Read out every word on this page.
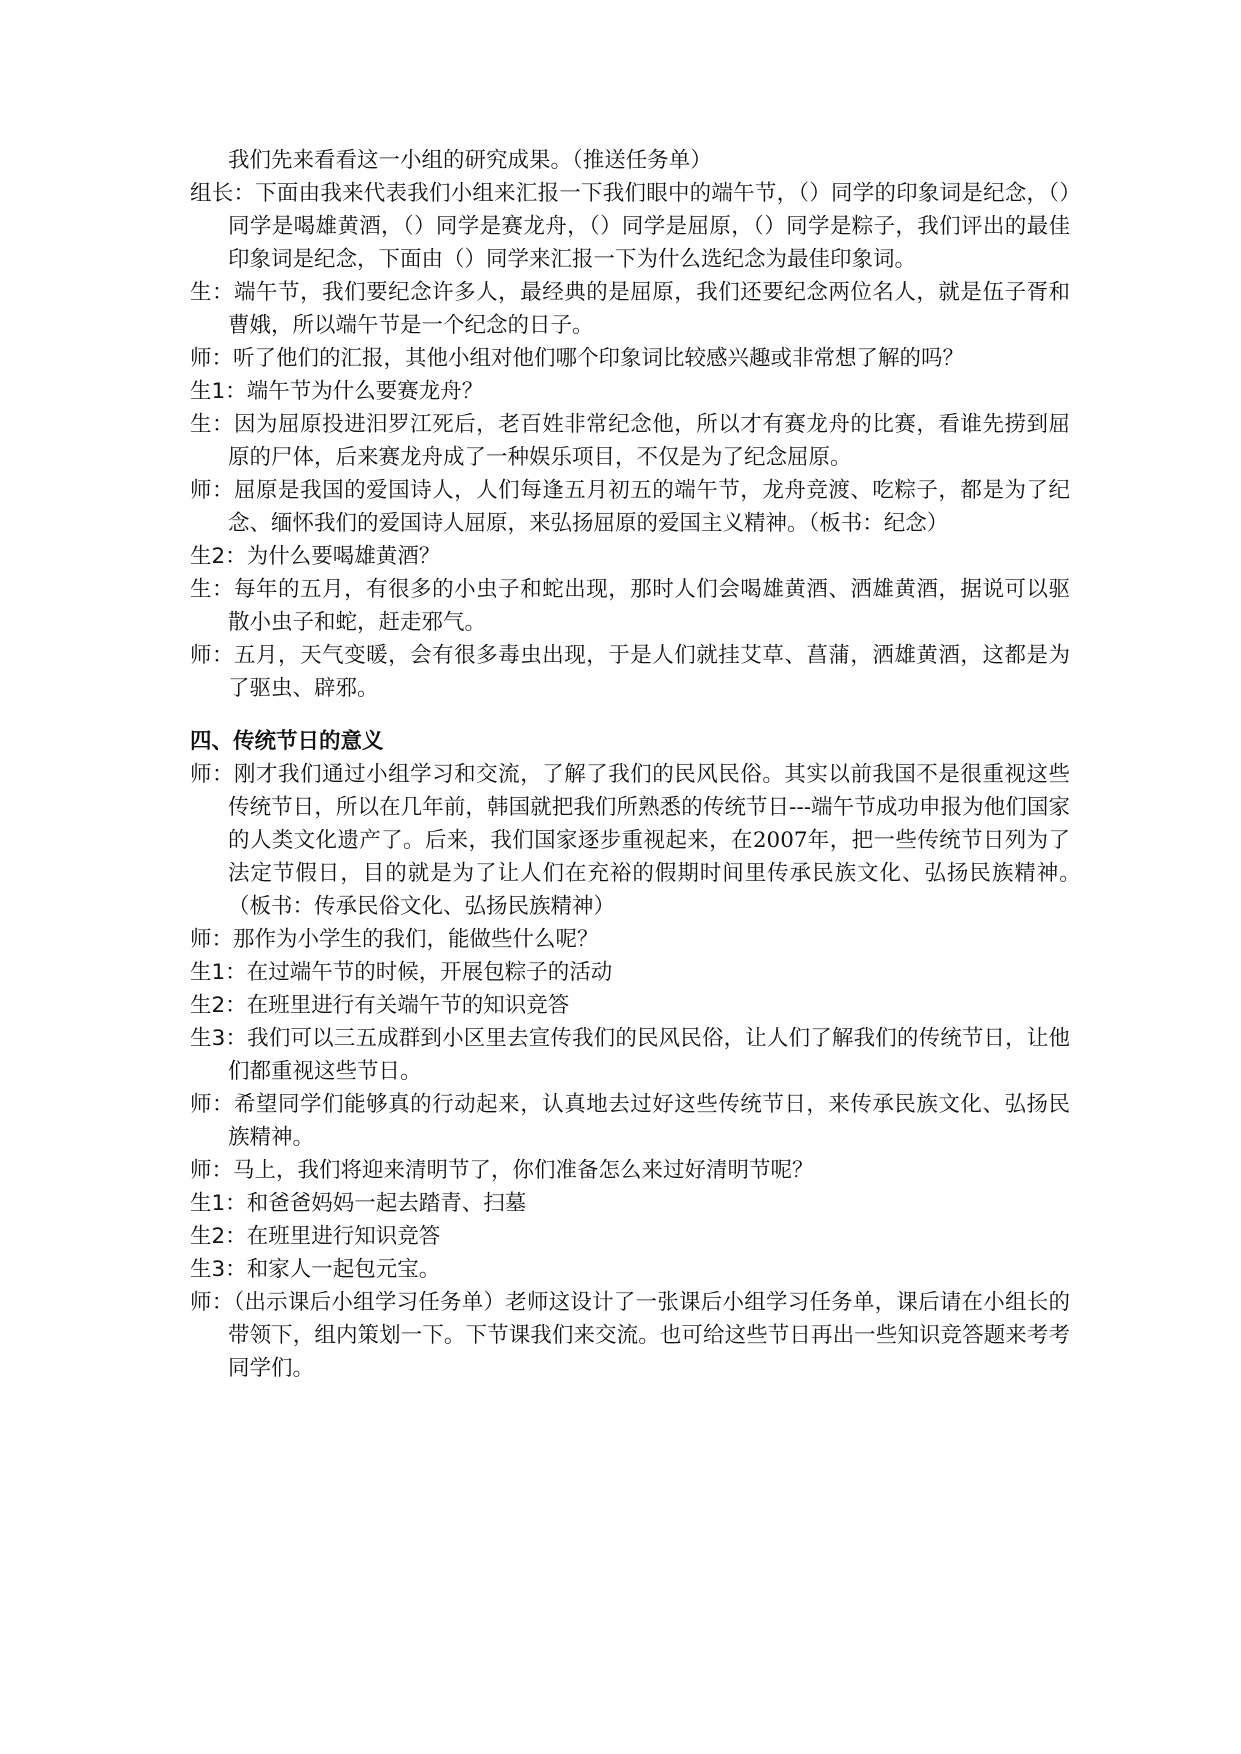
我们先来看看这一小组的研究成果。（推送任务单）
组长：下面由我来代表我们小组来汇报一下我们眼中的端午节，（）同学的印象词是纪念，（）同学是喝雄黄酒，（）同学是赛龙舟，（）同学是屈原，（）同学是粽子，我们评出的最佳印象词是纪念，下面由（）同学来汇报一下为什么选纪念为最佳印象词。
生：端午节，我们要纪念许多人，最经典的是屈原，我们还要纪念两位名人，就是伍子胥和曹娥，所以端午节是一个纪念的日子。
师：听了他们的汇报，其他小组对他们哪个印象词比较感兴趣或非常想了解的吗？
生1：端午节为什么要赛龙舟？
生：因为屈原投进汨罗江死后，老百姓非常纪念他，所以才有赛龙舟的比赛，看谁先捞到屈原的尸体，后来赛龙舟成了一种娱乐项目，不仅是为了纪念屈原。
师：屈原是我国的爱国诗人，人们每逢五月初五的端午节，龙舟竞渡、吃粽子，都是为了纪念、缅怀我们的爱国诗人屈原，来弘扬屈原的爱国主义精神。（板书：纪念）
生2：为什么要喝雄黄酒？
生：每年的五月，有很多的小虫子和蛇出现，那时人们会喝雄黄酒、洒雄黄酒，据说可以驱散小虫子和蛇，赶走邪气。
师：五月，天气变暖，会有很多毒虫出现，于是人们就挂艾草、菖蒲，洒雄黄酒，这都是为了驱虫、辟邪。
四、传统节日的意义
师：刚才我们通过小组学习和交流，了解了我们的民风民俗。其实以前我国不是很重视这些传统节日，所以在几年前，韩国就把我们所熟悉的传统节日---端午节成功申报为他们国家的人类文化遗产了。后来，我们国家逐步重视起来，在2007年，把一些传统节日列为了法定节假日，目的就是为了让人们在充裕的假期时间里传承民族文化、弘扬民族精神。　（板书：传承民俗文化、弘扬民族精神）
师：那作为小学生的我们，能做些什么呢？
生1：在过端午节的时候，开展包粽子的活动
生2：在班里进行有关端午节的知识竞答
生3：我们可以三五成群到小区里去宣传我们的民风民俗，让人们了解我们的传统节日，让他们都重视这些节日。
师：希望同学们能够真的行动起来，认真地去过好这些传统节日，来传承民族文化、弘扬民族精神。
师：马上，我们将迎来清明节了，你们准备怎么来过好清明节呢？
生1：和爸爸妈妈一起去踏青、扫墓
生2：在班里进行知识竞答
生3：和家人一起包元宝。
师：（出示课后小组学习任务单）老师这设计了一张课后小组学习任务单，课后请在小组长的带领下，组内策划一下。下节课我们来交流。也可给这些节日再出一些知识竞答题来考考同学们。
